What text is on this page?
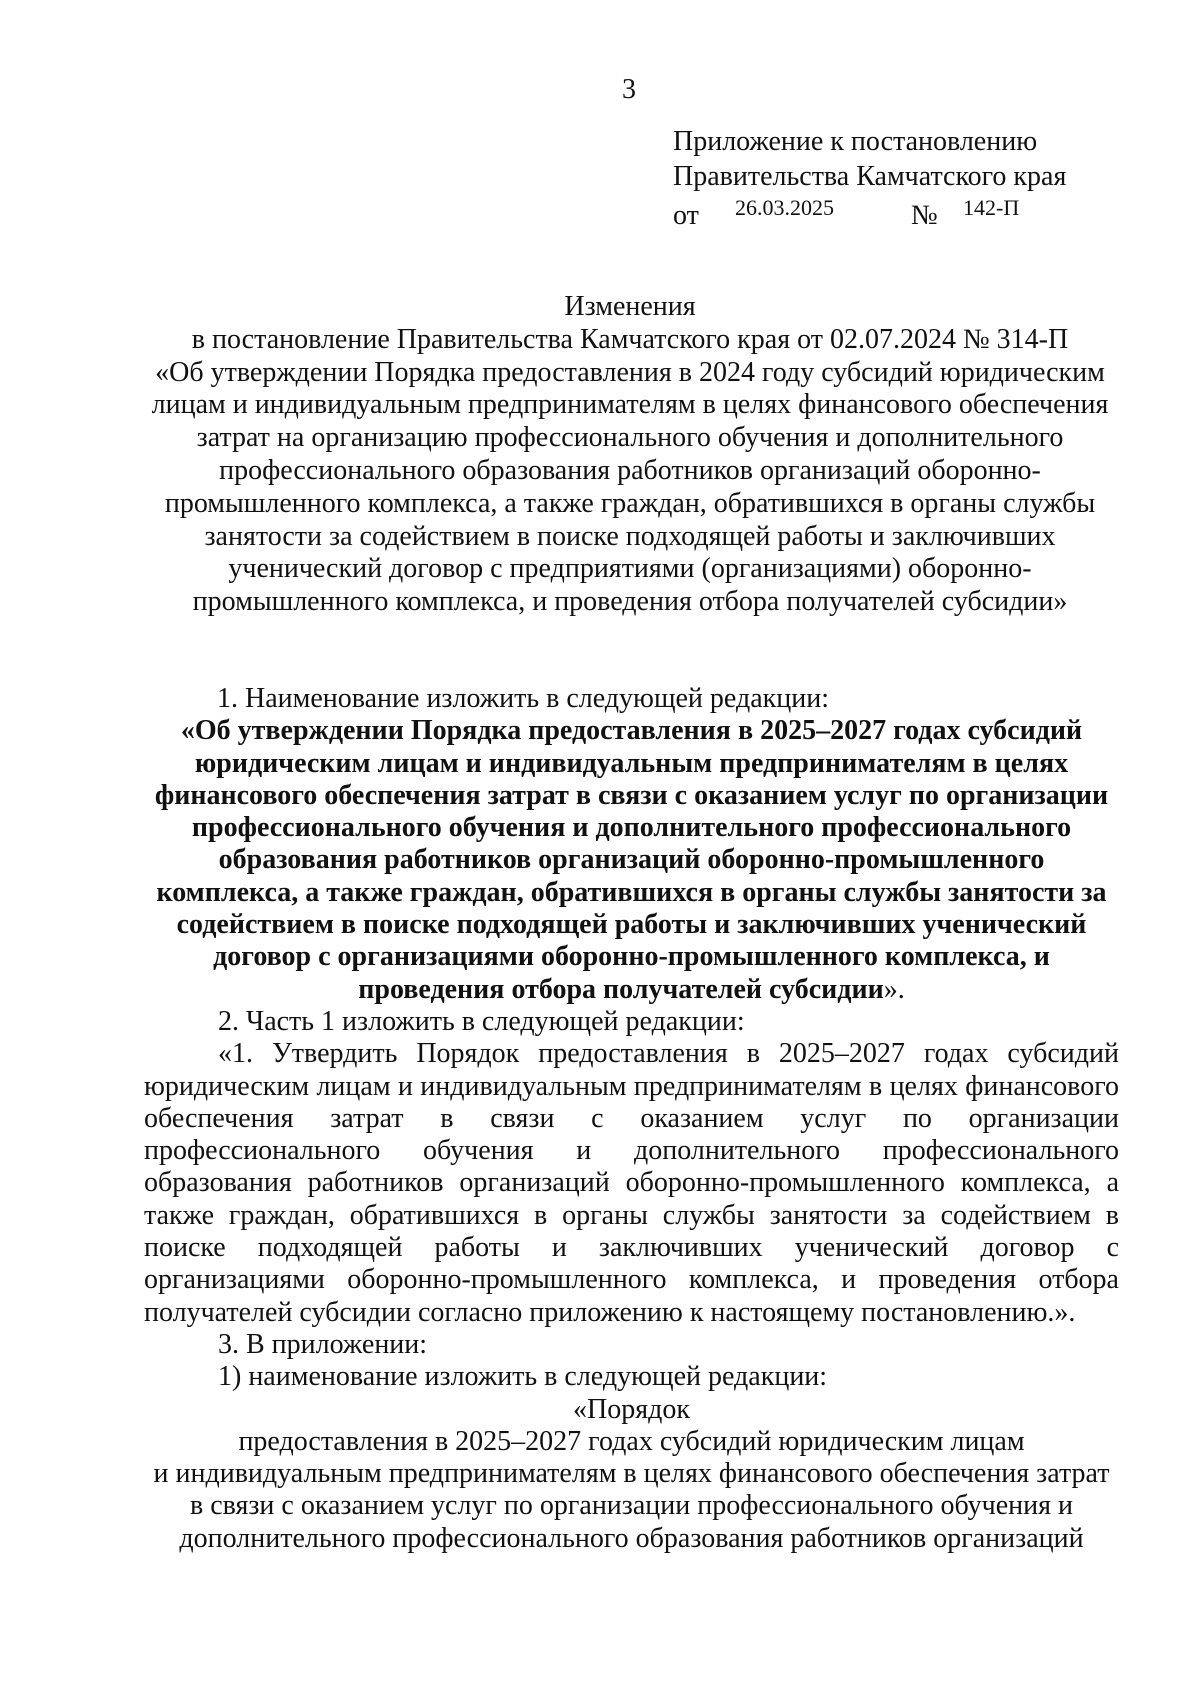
3
Приложение к постановлению
Правительства Камчатского края
от 26.03.2025	№ 142-П
Изменения
в постановление Правительства Камчатского края от 02.07.2024 № 314-П
«Об утверждении Порядка предоставления в 2024 году субсидий юридическим
лицам и индивидуальным предпринимателям в целях финансового обеспечения
затрат на организацию профессионального обучения и дополнительного
профессионального образования работников организаций оборонно-
промышленного комплекса, а также граждан, обратившихся в органы службы
занятости за содействием в поиске подходящей работы и заключивших
ученический договор с предприятиями (организациями) оборонно-
промышленного комплекса, и проведения отбора получателей субсидии»
1. Наименование изложить в следующей редакции:
«Об утверждении Порядка предоставления в 2025–2027 годах субсидий
юридическим лицам и индивидуальным предпринимателям в целях
финансового обеспечения затрат в связи с оказанием услуг по организации
профессионального обучения и дополнительного профессионального
образования работников организаций оборонно-промышленного
комплекса, а также граждан, обратившихся в органы службы занятости за
содействием в поиске подходящей работы и заключивших ученический
договор с организациями оборонно-промышленного комплекса, и
проведения отбора получателей субсидии».
2. Часть 1 изложить в следующей редакции:
«1. Утвердить Порядок предоставления в 2025–2027 годах субсидий
юридическим лицам и индивидуальным предпринимателям в целях финансового
обеспечения затрат в связи с оказанием услуг по организации
профессионального обучения и дополнительного профессионального
образования работников организаций оборонно-промышленного комплекса, а
также граждан, обратившихся в органы службы занятости за содействием в
поиске подходящей работы и заключивших ученический договор с
организациями оборонно-промышленного комплекса, и проведения отбора
получателей субсидии согласно приложению к настоящему постановлению.».
3. В приложении:
1) наименование изложить в следующей редакции:
«Порядок
предоставления в 2025–2027 годах субсидий юридическим лицам
и индивидуальным предпринимателям в целях финансового обеспечения затрат
в связи с оказанием услуг по организации профессионального обучения и
дополнительного профессионального образования работников организаций
